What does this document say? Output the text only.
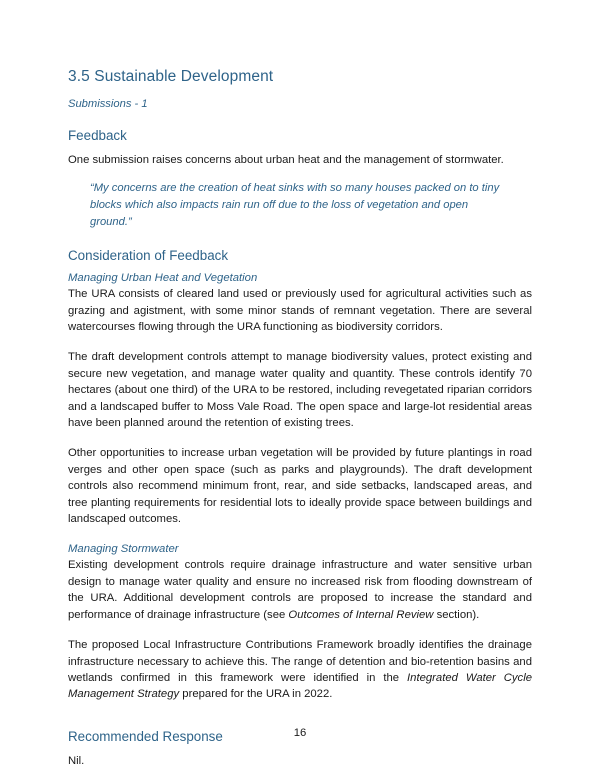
3.5 Sustainable Development
Submissions - 1
Feedback

One submission raises concerns about urban heat and the management of stormwater.

“My concerns are the creation of heat sinks with so many houses packed on to tiny blocks which also impacts rain run off due to the loss of vegetation and open ground.”

Consideration of Feedback
Managing Urban Heat and Vegetation

The URA consists of cleared land used or previously used for agricultural activities such as grazing and agistment, with some minor stands of remnant vegetation. There are several watercourses flowing through the URA functioning as biodiversity corridors.

The draft development controls attempt to manage biodiversity values, protect existing and secure new vegetation, and manage water quality and quantity. These controls identify 70 hectares (about one third) of the URA to be restored, including revegetated riparian corridors and a landscaped buffer to Moss Vale Road. The open space and large-lot residential areas have been planned around the retention of existing trees.

Other opportunities to increase urban vegetation will be provided by future plantings in road verges and other open space (such as parks and playgrounds). The draft development controls also recommend minimum front, rear, and side setbacks, landscaped areas, and tree planting requirements for residential lots to ideally provide space between buildings and landscaped outcomes.

Managing Stormwater

Existing development controls require drainage infrastructure and water sensitive urban design to manage water quality and ensure no increased risk from flooding downstream of the URA. Additional development controls are proposed to increase the standard and performance of drainage infrastructure (see Outcomes of Internal Review section).

The proposed Local Infrastructure Contributions Framework broadly identifies the drainage infrastructure necessary to achieve this. The range of detention and bio-retention basins and wetlands confirmed in this framework were identified in the Integrated Water Cycle Management Strategy prepared for the URA in 2022.

Recommended Response

Nil.

16
